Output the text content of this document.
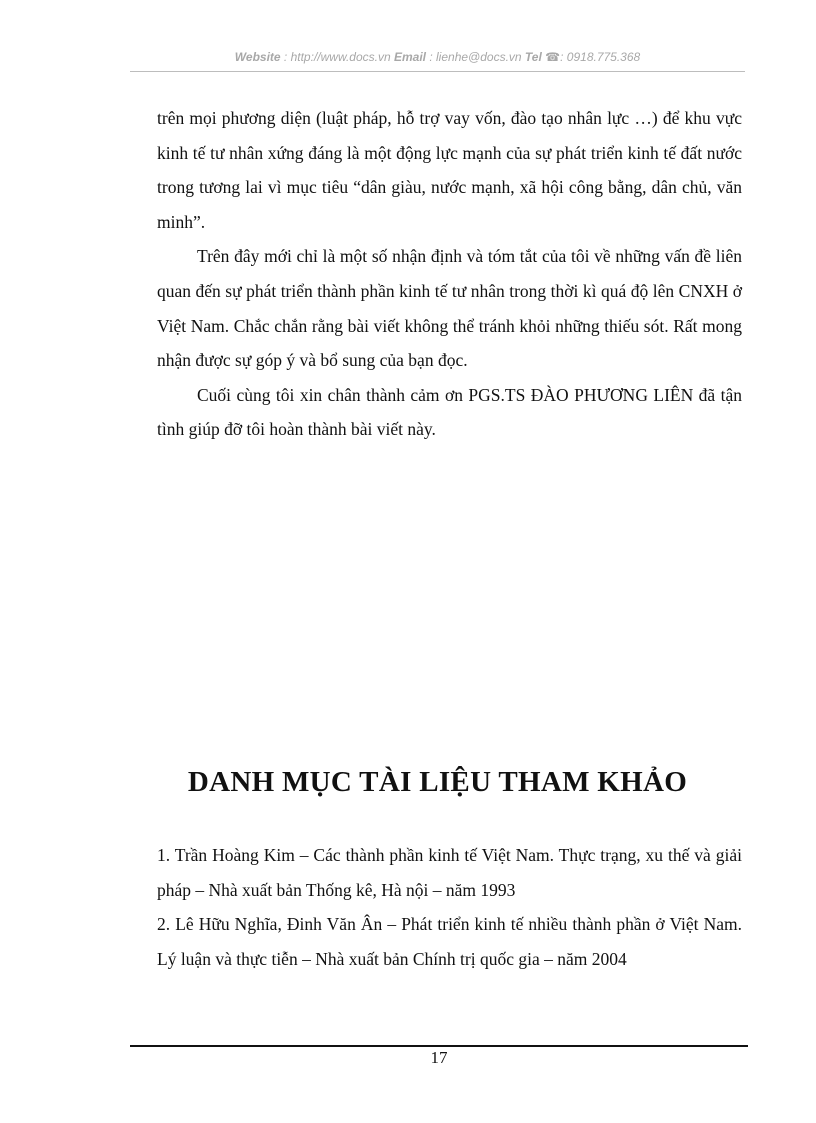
Website : http://www.docs.vn Email : lienhe@docs.vn Tel ☎: 0918.775.368

trên mọi phương diện (luật pháp, hỗ trợ vay vốn, đào tạo nhân lực …) để khu vực kinh tế tư nhân xứng đáng là một động lực mạnh của sự phát triển kinh tế đất nước trong tương lai vì mục tiêu “dân giàu, nước mạnh, xã hội công bằng, dân chủ, văn minh”.

Trên đây mới chỉ là một số nhận định và tóm tắt của tôi về những vấn đề liên quan đến sự phát triển thành phần kinh tế tư nhân trong thời kì quá độ lên CNXH ở Việt Nam. Chắc chắn rằng bài viết không thể tránh khỏi những thiếu sót. Rất mong nhận được sự góp ý và bổ sung của bạn đọc.

Cuối cùng tôi xin chân thành cảm ơn PGS.TS ĐÀO PHƯƠNG LIÊN đã tận tình giúp đỡ tôi hoàn thành bài viết này.

DANH MỤC TÀI LIỆU THAM KHẢO

1. Trần Hoàng Kim – Các thành phần kinh tế Việt Nam. Thực trạng, xu thế và giải pháp – Nhà xuất bản Thống kê, Hà nội – năm 1993

2. Lê Hữu Nghĩa, Đinh Văn Ân – Phát triển kinh tế nhiều thành phần ở Việt Nam. Lý luận và thực tiễn – Nhà xuất bản Chính trị quốc gia – năm 2004

17
